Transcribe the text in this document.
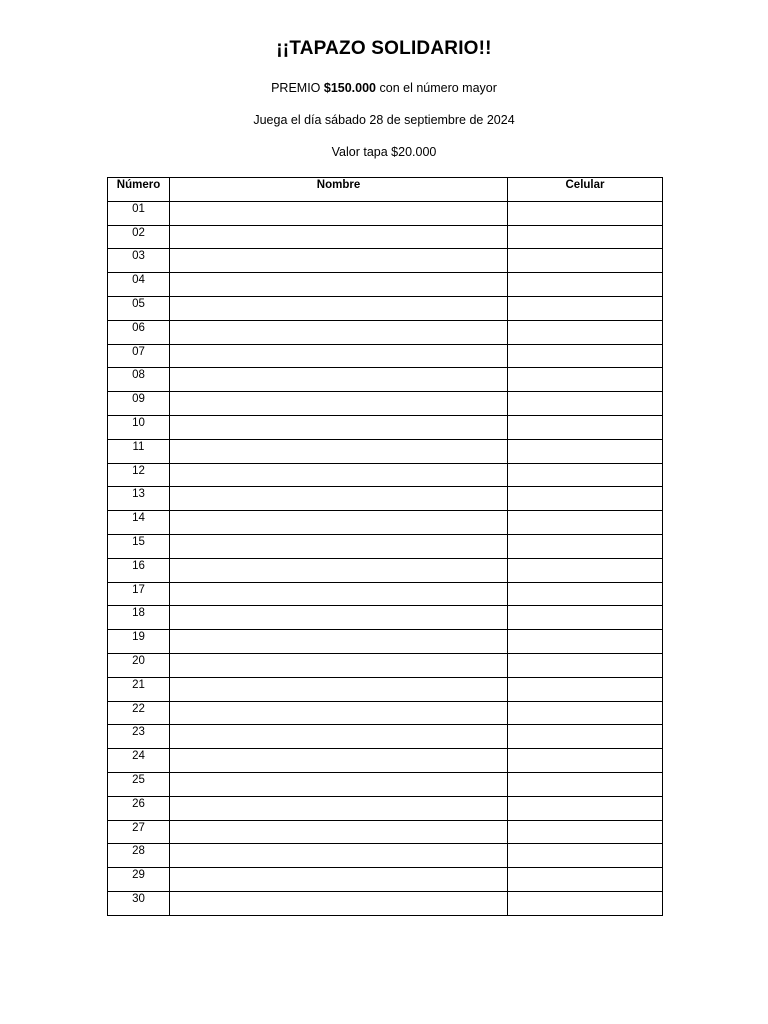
¡¡TAPAZO SOLIDARIO!!
PREMIO $150.000 con el número mayor
Juega el día sábado 28 de septiembre de 2024
Valor tapa $20.000
Número	Nombre	Celular
01		
02		
03		
04		
05		
06		
07		
08		
09		
10		
11		
12		
13		
14		
15		
16		
17		
18		
19		
20		
21		
22		
23		
24		
25		
26		
27		
28		
29		
30		
